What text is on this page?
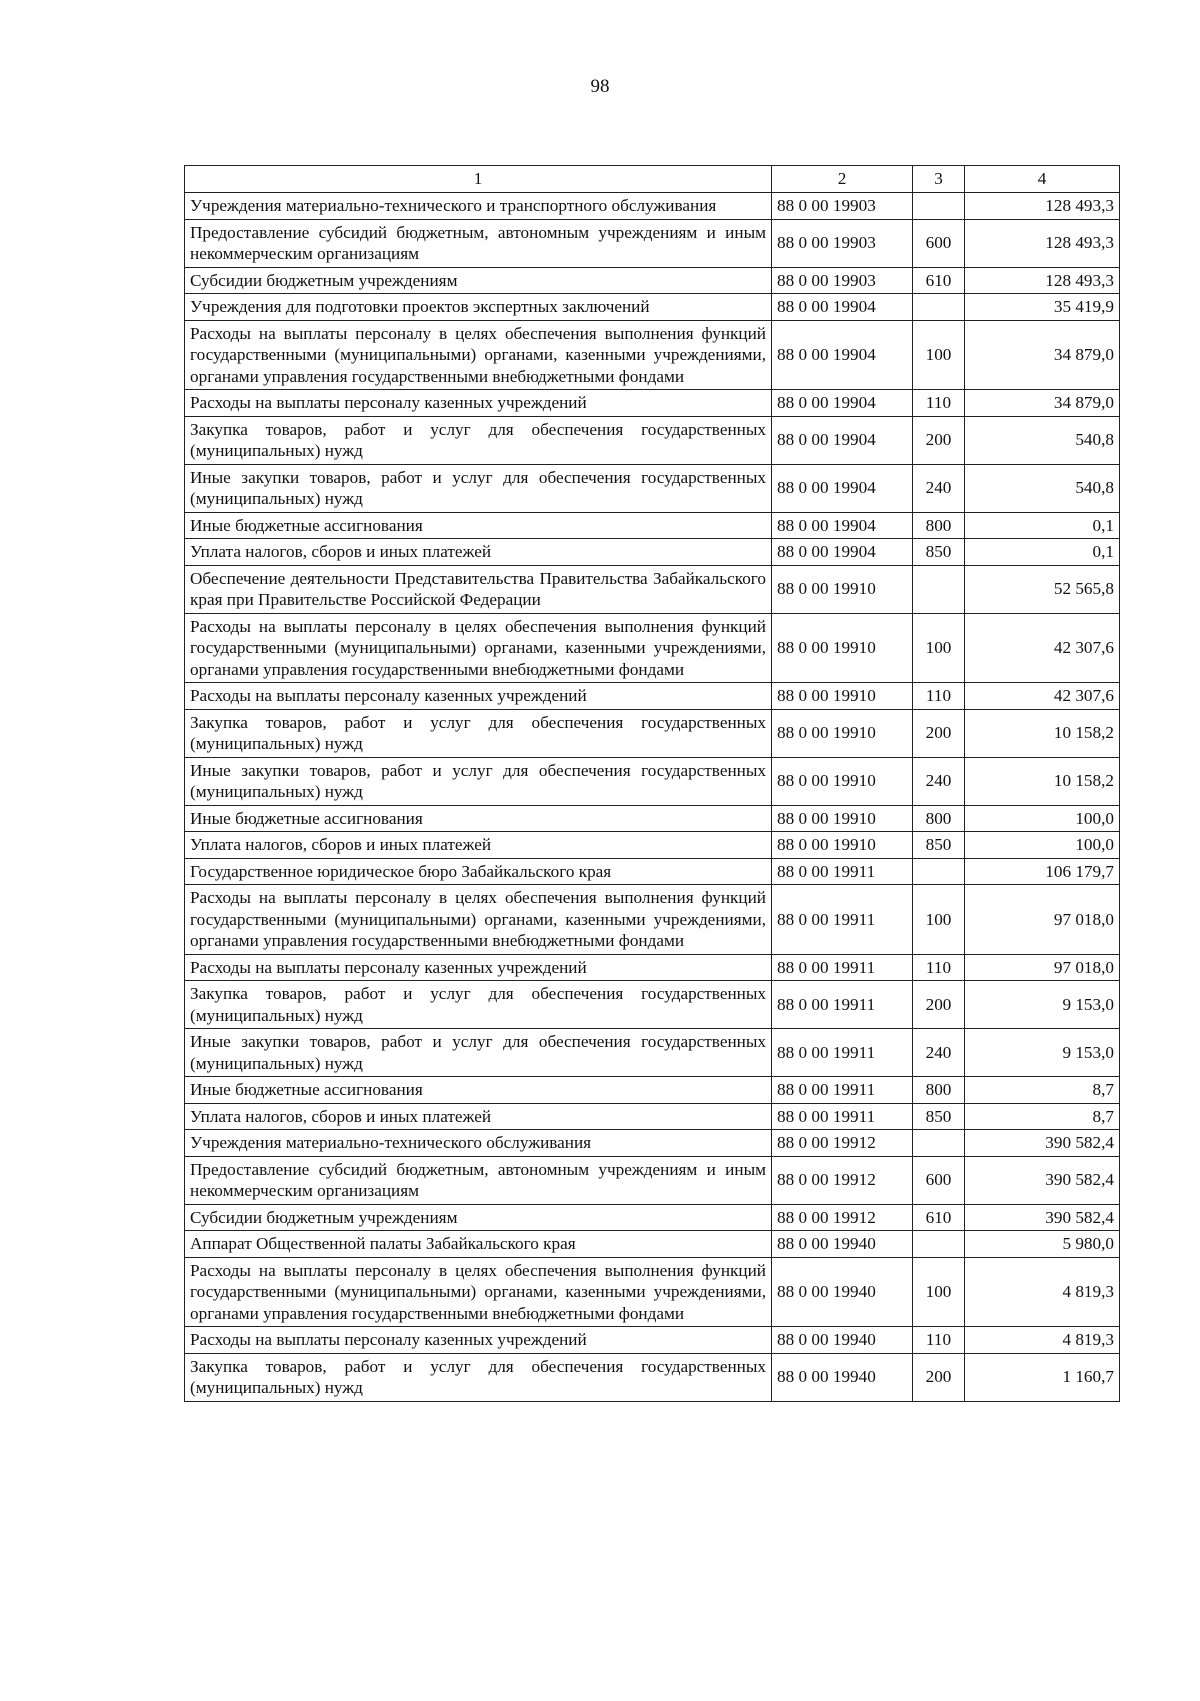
98
1	2	3	4
Учреждения материально-технического и транспортного обслуживания	88 0 00 19903		128 493,3
Предоставление субсидий бюджетным, автономным учреждениям и иным некоммерческим организациям	88 0 00 19903	600	128 493,3
Субсидии бюджетным учреждениям	88 0 00 19903	610	128 493,3
Учреждения для подготовки проектов экспертных заключений	88 0 00 19904		35 419,9
Расходы на выплаты персоналу в целях обеспечения выполнения функций государственными (муниципальными) органами, казенными учреждениями, органами управления государственными внебюджетными фондами	88 0 00 19904	100	34 879,0
Расходы на выплаты персоналу казенных учреждений	88 0 00 19904	110	34 879,0
Закупка товаров, работ и услуг для обеспечения государственных (муниципальных) нужд	88 0 00 19904	200	540,8
Иные закупки товаров, работ и услуг для обеспечения государственных (муниципальных) нужд	88 0 00 19904	240	540,8
Иные бюджетные ассигнования	88 0 00 19904	800	0,1
Уплата налогов, сборов и иных платежей	88 0 00 19904	850	0,1
Обеспечение деятельности Представительства Правительства Забайкальского края при Правительстве Российской Федерации	88 0 00 19910		52 565,8
Расходы на выплаты персоналу в целях обеспечения выполнения функций государственными (муниципальными) органами, казенными учреждениями, органами управления государственными внебюджетными фондами	88 0 00 19910	100	42 307,6
Расходы на выплаты персоналу казенных учреждений	88 0 00 19910	110	42 307,6
Закупка товаров, работ и услуг для обеспечения государственных (муниципальных) нужд	88 0 00 19910	200	10 158,2
Иные закупки товаров, работ и услуг для обеспечения государственных (муниципальных) нужд	88 0 00 19910	240	10 158,2
Иные бюджетные ассигнования	88 0 00 19910	800	100,0
Уплата налогов, сборов и иных платежей	88 0 00 19910	850	100,0
Государственное юридическое бюро Забайкальского края	88 0 00 19911		106 179,7
Расходы на выплаты персоналу в целях обеспечения выполнения функций государственными (муниципальными) органами, казенными учреждениями, органами управления государственными внебюджетными фондами	88 0 00 19911	100	97 018,0
Расходы на выплаты персоналу казенных учреждений	88 0 00 19911	110	97 018,0
Закупка товаров, работ и услуг для обеспечения государственных (муниципальных) нужд	88 0 00 19911	200	9 153,0
Иные закупки товаров, работ и услуг для обеспечения государственных (муниципальных) нужд	88 0 00 19911	240	9 153,0
Иные бюджетные ассигнования	88 0 00 19911	800	8,7
Уплата налогов, сборов и иных платежей	88 0 00 19911	850	8,7
Учреждения материально-технического обслуживания	88 0 00 19912		390 582,4
Предоставление субсидий бюджетным, автономным учреждениям и иным некоммерческим организациям	88 0 00 19912	600	390 582,4
Субсидии бюджетным учреждениям	88 0 00 19912	610	390 582,4
Аппарат Общественной палаты Забайкальского края	88 0 00 19940		5 980,0
Расходы на выплаты персоналу в целях обеспечения выполнения функций государственными (муниципальными) органами, казенными учреждениями, органами управления государственными внебюджетными фондами	88 0 00 19940	100	4 819,3
Расходы на выплаты персоналу казенных учреждений	88 0 00 19940	110	4 819,3
Закупка товаров, работ и услуг для обеспечения государственных (муниципальных) нужд	88 0 00 19940	200	1 160,7
